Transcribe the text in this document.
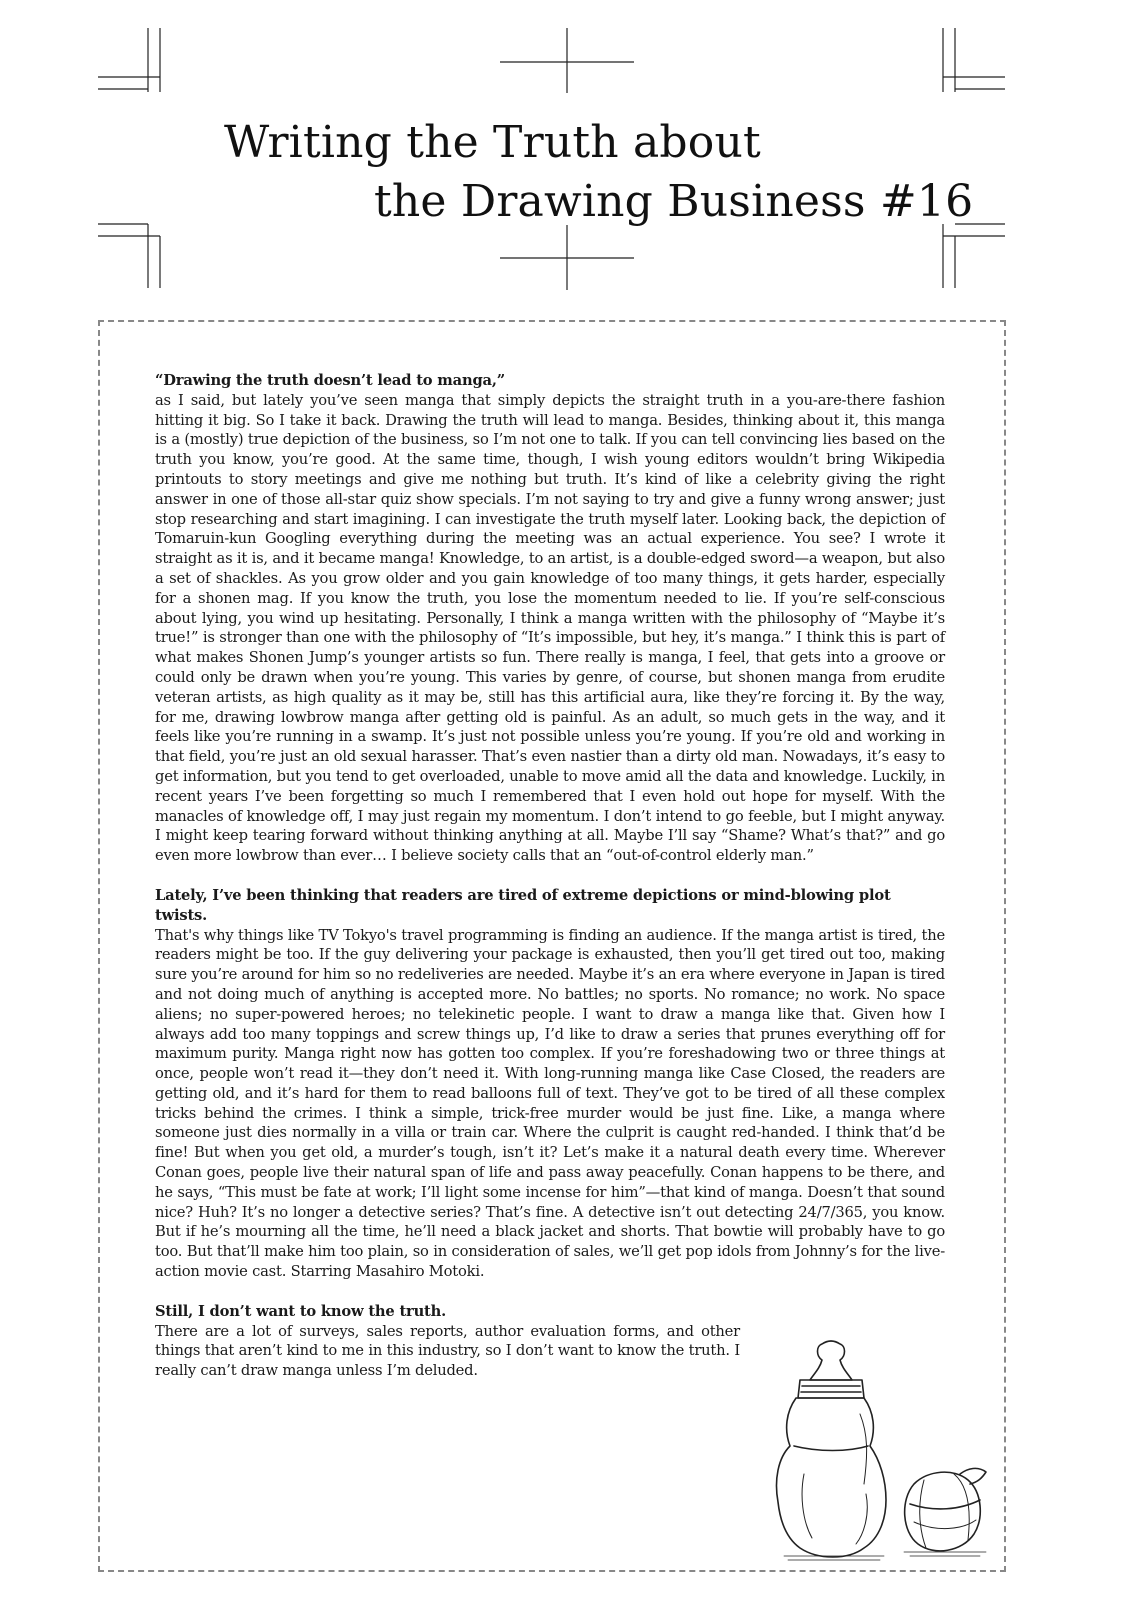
Writing the Truth about
the Drawing Business #16

“Drawing the truth doesn’t lead to manga,”
as I said, but lately you’ve seen manga that simply depicts the straight truth in a you-are-there fashion hitting it big. So I take it back. Drawing the truth will lead to manga. Besides, thinking about it, this manga is a (mostly) true depiction of the business, so I’m not one to talk. If you can tell convincing lies based on the truth you know, you’re good. At the same time, though, I wish young editors wouldn’t bring Wikipedia printouts to story meetings and give me nothing but truth. It’s kind of like a celebrity giving the right answer in one of those all-star quiz show specials. I’m not saying to try and give a funny wrong answer; just stop researching and start imagining. I can investigate the truth myself later. Looking back, the depiction of Tomaruin-kun Googling everything during the meeting was an actual experience. You see? I wrote it straight as it is, and it became manga! Knowledge, to an artist, is a double-edged sword—a weapon, but also a set of shackles. As you grow older and you gain knowledge of too many things, it gets harder, especially for a shonen mag. If you know the truth, you lose the momentum needed to lie. If you’re self-conscious about lying, you wind up hesitating. Personally, I think a manga written with the philosophy of “Maybe it’s true!” is stronger than one with the philosophy of “It’s impossible, but hey, it’s manga.” I think this is part of what makes Shonen Jump’s younger artists so fun. There really is manga, I feel, that gets into a groove or could only be drawn when you’re young. This varies by genre, of course, but shonen manga from erudite veteran artists, as high quality as it may be, still has this artificial aura, like they’re forcing it. By the way, for me, drawing lowbrow manga after getting old is painful. As an adult, so much gets in the way, and it feels like you’re running in a swamp. It’s just not possible unless you’re young. If you’re old and working in that field, you’re just an old sexual harasser. That’s even nastier than a dirty old man. Nowadays, it’s easy to get information, but you tend to get overloaded, unable to move amid all the data and knowledge. Luckily, in recent years I’ve been forgetting so much I remembered that I even hold out hope for myself. With the manacles of knowledge off, I may just regain my momentum. I don’t intend to go feeble, but I might anyway. I might keep tearing forward without thinking anything at all. Maybe I’ll say “Shame? What’s that?” and go even more lowbrow than ever… I believe society calls that an “out-of-control elderly man.”

Lately, I’ve been thinking that readers are tired of extreme depictions or mind-blowing plot twists.
That's why things like TV Tokyo's travel programming is finding an audience. If the manga artist is tired, the readers might be too. If the guy delivering your package is exhausted, then you’ll get tired out too, making sure you’re around for him so no redeliveries are needed. Maybe it’s an era where everyone in Japan is tired and not doing much of anything is accepted more. No battles; no sports. No romance; no work. No space aliens; no super-powered heroes; no telekinetic people. I want to draw a manga like that. Given how I always add too many toppings and screw things up, I’d like to draw a series that prunes everything off for maximum purity. Manga right now has gotten too complex. If you’re foreshadowing two or three things at once, people won’t read it—they don’t need it. With long-running manga like Case Closed, the readers are getting old, and it’s hard for them to read balloons full of text. They’ve got to be tired of all these complex tricks behind the crimes. I think a simple, trick-free murder would be just fine. Like, a manga where someone just dies normally in a villa or train car. Where the culprit is caught red-handed. I think that’d be fine! But when you get old, a murder’s tough, isn’t it? Let’s make it a natural death every time. Wherever Conan goes, people live their natural span of life and pass away peacefully. Conan happens to be there, and he says, “This must be fate at work; I’ll light some incense for him”—that kind of manga. Doesn’t that sound nice? Huh? It’s no longer a detective series? That’s fine. A detective isn’t out detecting 24/7/365, you know. But if he’s mourning all the time, he’ll need a black jacket and shorts. That bowtie will probably have to go too. But that’ll make him too plain, so in consideration of sales, we’ll get pop idols from Johnny’s for the live-action movie cast. Starring Masahiro Motoki.

Still, I don’t want to know the truth.
There are a lot of surveys, sales reports, author evaluation forms, and other things that aren’t kind to me in this industry, so I don’t want to know the truth. I really can’t draw manga unless I’m deluded.
